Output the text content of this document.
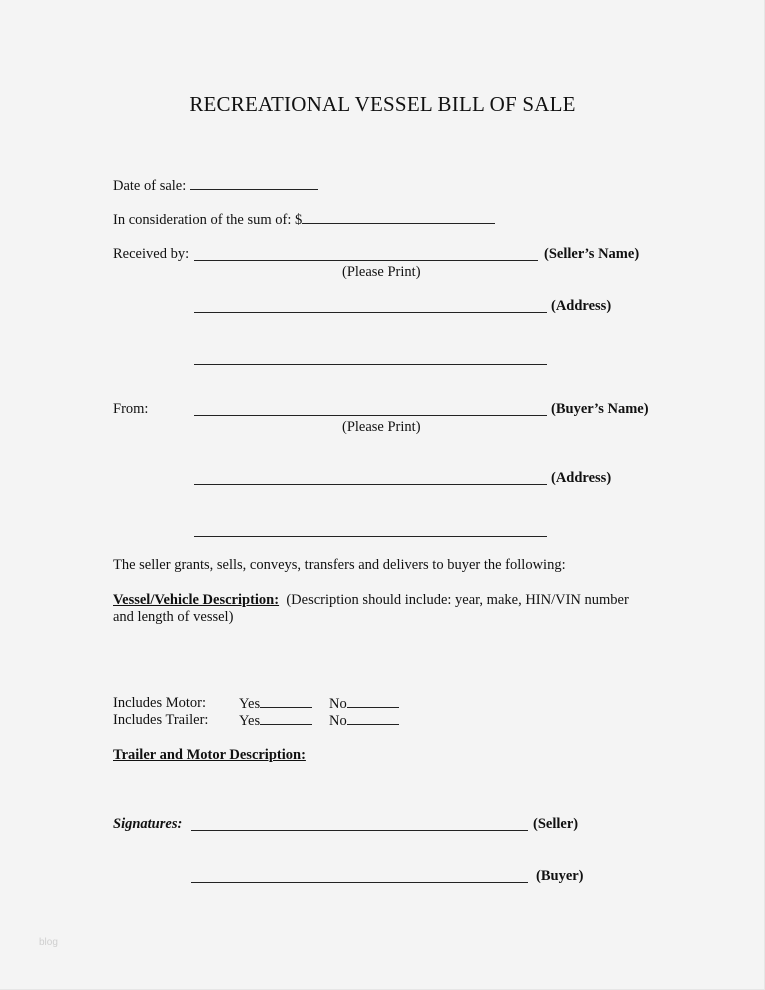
RECREATIONAL VESSEL BILL OF SALE
Date of sale:
In consideration of the sum of: $
Received by:	(Seller’s Name)
(Please Print)
(Address)
From:	(Buyer’s Name)
(Please Print)
(Address)
The seller grants, sells, conveys, transfers and delivers to buyer the following:
Vessel/Vehicle Description: (Description should include: year, make, HIN/VIN number
and length of vessel)
Includes Motor: Yes	No
Includes Trailer: Yes	No
Trailer and Motor Description:
Signatures:	(Seller)
(Buyer)
blog
